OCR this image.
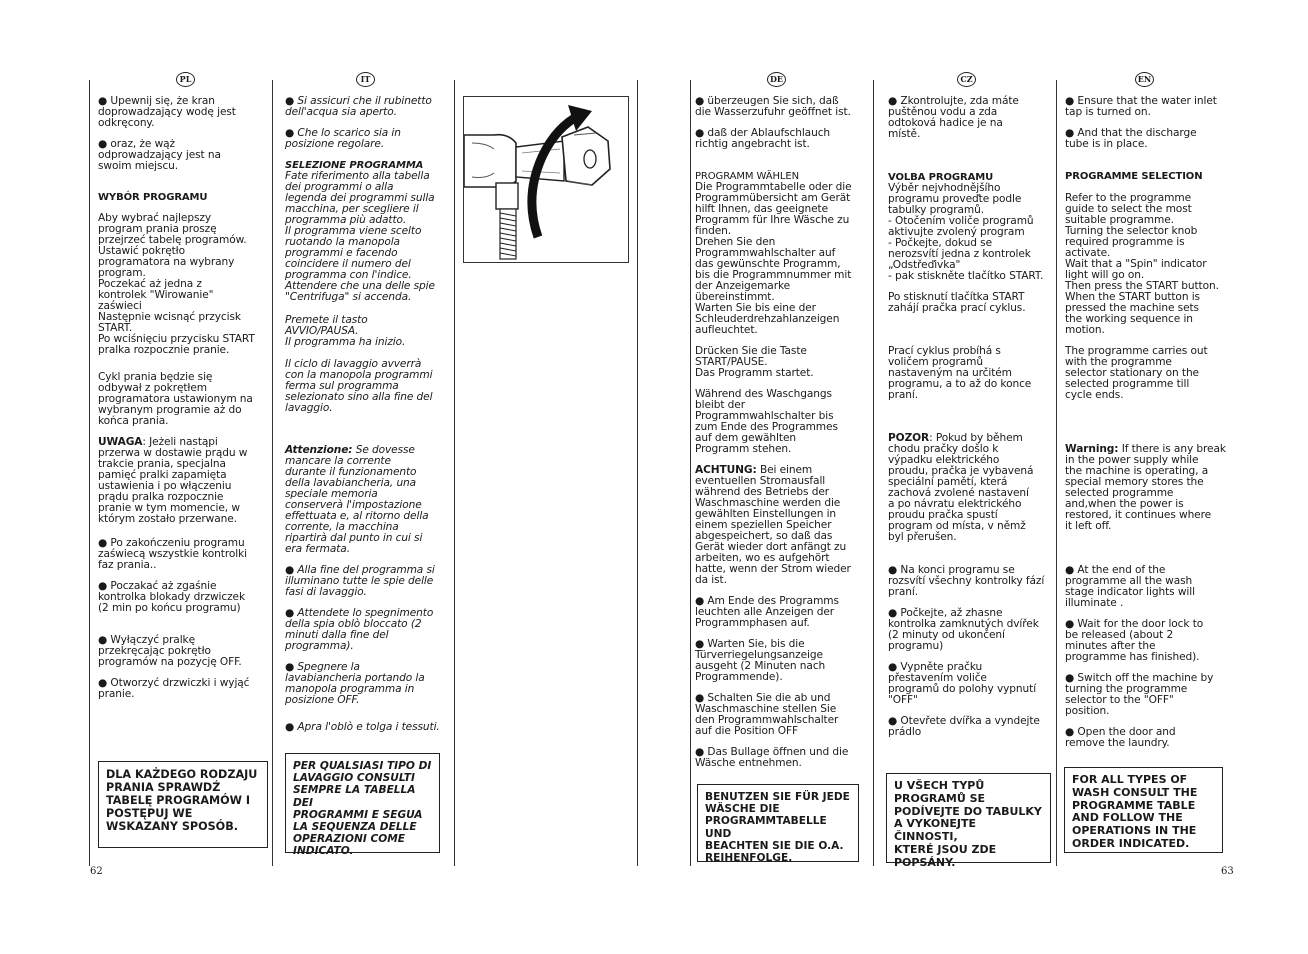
PL	IT	DE	CZ	EN

● Upewnij się, że kran
doprowadzający wodę jest
odkręcony.

● oraz, że wąż
odprowadzający jest na
swoim miejscu.

WYBÓR PROGRAMU

Aby wybrać najlepszy
program prania proszę
przejrzeć tabelę programów.
Ustawić pokrętło
programatora na wybrany
program.
Poczekać aż jedna z
kontrolek "Wirowanie"
zaświeci
Następnie wcisnąć przycisk
START.
Po wciśnięciu przycisku START
pralka rozpocznie pranie.

Cykl prania będzie się
odbywał z pokrętłem
programatora ustawionym na
wybranym programie aż do
końca prania.

UWAGA: Jeżeli nastąpi
przerwa w dostawie prądu w
trakcie prania, specjalna
pamięć pralki zapamięta
ustawienia i po włączeniu
prądu pralka rozpocznie
pranie w tym momencie, w
którym zostało przerwane.

● Po zakończeniu programu
zaświecą wszystkie kontrolki
faz prania..

● Poczakać aż zgaśnie
kontrolka blokady drzwiczek
(2 min po końcu programu)

● Wyłączyć pralkę
przekręcając pokrętło
programów na pozycję OFF.

● Otworzyć drzwiczki i wyjąć
pranie.

DLA KAŻDEGO RODZAJU
PRANIA SPRAWDŹ
TABELĘ PROGRAMÓW I
POSTĘPUJ WE
WSKAZANY SPOSÓB.

● Si assicuri che il rubinetto
dell'acqua sia aperto.

● Che lo scarico sia in
posizione regolare.

SELEZIONE PROGRAMMA

Fate riferimento alla tabella
dei programmi o alla
legenda dei programmi sulla
macchina, per scegliere il
programma più adatto.
Il programma viene scelto
ruotando la manopola
programmi e facendo
coincidere il numero del
programma con l'indice.
Attendere che una delle spie
"Centrifuga" si accenda.

Premete il tasto
AVVIO/PAUSA.
Il programma ha inizio.

Il ciclo di lavaggio avverrà
con la manopola programmi
ferma sul programma
selezionato sino alla fine del
lavaggio.

Attenzione: Se dovesse
mancare la corrente
durante il funzionamento
della lavabiancheria, una
speciale memoria
conserverà l'impostazione
effettuata e, al ritorno della
corrente, la macchina
ripartirà dal punto in cui si
era fermata.

● Alla fine del programma si
illuminano tutte le spie delle
fasi di lavaggio.

● Attendete lo spegnimento
della spia oblò bloccato (2
minuti dalla fine del
programma).

● Spegnere la
lavabiancheria portando la
manopola programma in
posizione OFF.

● Apra l'oblò e tolga i tessuti.

PER QUALSIASI TIPO DI
LAVAGGIO CONSULTI
SEMPRE LA TABELLA DEI
PROGRAMMI E SEGUA
LA SEQUENZA DELLE
OPERAZIONI COME
INDICATO.

● überzeugen Sie sich, daß
die Wasserzufuhr geöffnet ist.

● daß der Ablaufschlauch
richtig angebracht ist.

PROGRAMM WÄHLEN

Die Programmtabelle oder die
Programmübersicht am Gerät
hilft Ihnen, das geeignete
Programm für Ihre Wäsche zu
finden.
Drehen Sie den
Programmwahlschalter auf
das gewünschte Programm,
bis die Programmnummer mit
der Anzeigemarke
übereinstimmt.
Warten Sie bis eine der
Schleuderdrehzahlanzeigen
aufleuchtet.

Drücken Sie die Taste
START/PAUSE.
Das Programm startet.

Während des Waschgangs
bleibt der
Programmwahlschalter bis
zum Ende des Programmes
auf dem gewählten
Programm stehen.

ACHTUNG: Bei einem
eventuellen Stromausfall
während des Betriebs der
Waschmaschine werden die
gewählten Einstellungen in
einem speziellen Speicher
abgespeichert, so daß das
Gerät wieder dort anfängt zu
arbeiten, wo es aufgehört
hatte, wenn der Strom wieder
da ist.

● Am Ende des Programms
leuchten alle Anzeigen der
Programmphasen auf.

● Warten Sie, bis die
Türverriegelungsanzeige
ausgeht (2 Minuten nach
Programmende).

● Schalten Sie die ab und
Waschmaschine stellen Sie
den Programmwahlschalter
auf die Position OFF

● Das Bullage öffnen und die
Wäsche entnehmen.

BENUTZEN SIE FÜR JEDE
WÄSCHE DIE
PROGRAMMTABELLE UND
BEACHTEN SIE DIE O.A.
REIHENFOLGE.

● Zkontrolujte, zda máte
puštěnou vodu a zda
odtoková hadice je na
místě.

VOLBA PROGRAMU

Výběr nejvhodnějšího
programu proveďte podle
tabulky programů.
- Otočením voliče programů
aktivujte zvolený program
- Počkejte, dokud se
nerozsvítí jedna z kontrolek
„Odstřeďivka"
- pak stiskněte tlačítko START.

Po stisknutí tlačítka START
zahájí pračka prací cyklus.

Prací cyklus probíhá s
voličem programů
nastaveným na určitém
programu, a to až do konce
praní.

POZOR: Pokud by během
chodu pračky došlo k
výpadku elektrického
proudu, pračka je vybavená
speciální pamětí, která
zachová zvolené nastavení
a po návratu elektrického
proudu pračka spustí
program od místa, v němž
byl přerušen.

● Na konci programu se
rozsvítí všechny kontrolky fází
praní.

● Počkejte, až zhasne
kontrolka zamknutých dvířek
(2 minuty od ukončení
programu)

● Vypněte pračku
přestavením voliče
programů do polohy vypnutí
"OFF"

● Otevřete dvířka a vyndejte
prádlo

U VŠECH TYPŮ
PROGRAMŮ SE
PODÍVEJTE DO TABULKY
A VYKONEJTE ČINNOSTI,
KTERÉ JSOU ZDE
POPSÁNY.

● Ensure that the water inlet
tap is turned on.

● And that the discharge
tube is in place.

PROGRAMME SELECTION

Refer to the programme
guide to select the most
suitable programme.
Turning the selector knob
required programme is
activate.
Wait that a "Spin" indicator
light will go on.
Then press the START button.
When the START button is
pressed the machine sets
the working sequence in
motion.

The programme carries out
with the programme
selector stationary on the
selected programme till
cycle ends.

Warning: If there is any break
in the power supply while
the machine is operating, a
special memory stores the
selected programme
and,when the power is
restored, it continues where
it left off.

● At the end of the
programme all the wash
stage indicator lights will
illuminate .

● Wait for the door lock to
be released (about 2
minutes after the
programme has finished).

● Switch off the machine by
turning the programme
selector to the "OFF"
position.

● Open the door and
remove the laundry.

FOR ALL TYPES OF
WASH CONSULT THE
PROGRAMME TABLE
AND FOLLOW THE
OPERATIONS IN THE
ORDER INDICATED.
62	63
